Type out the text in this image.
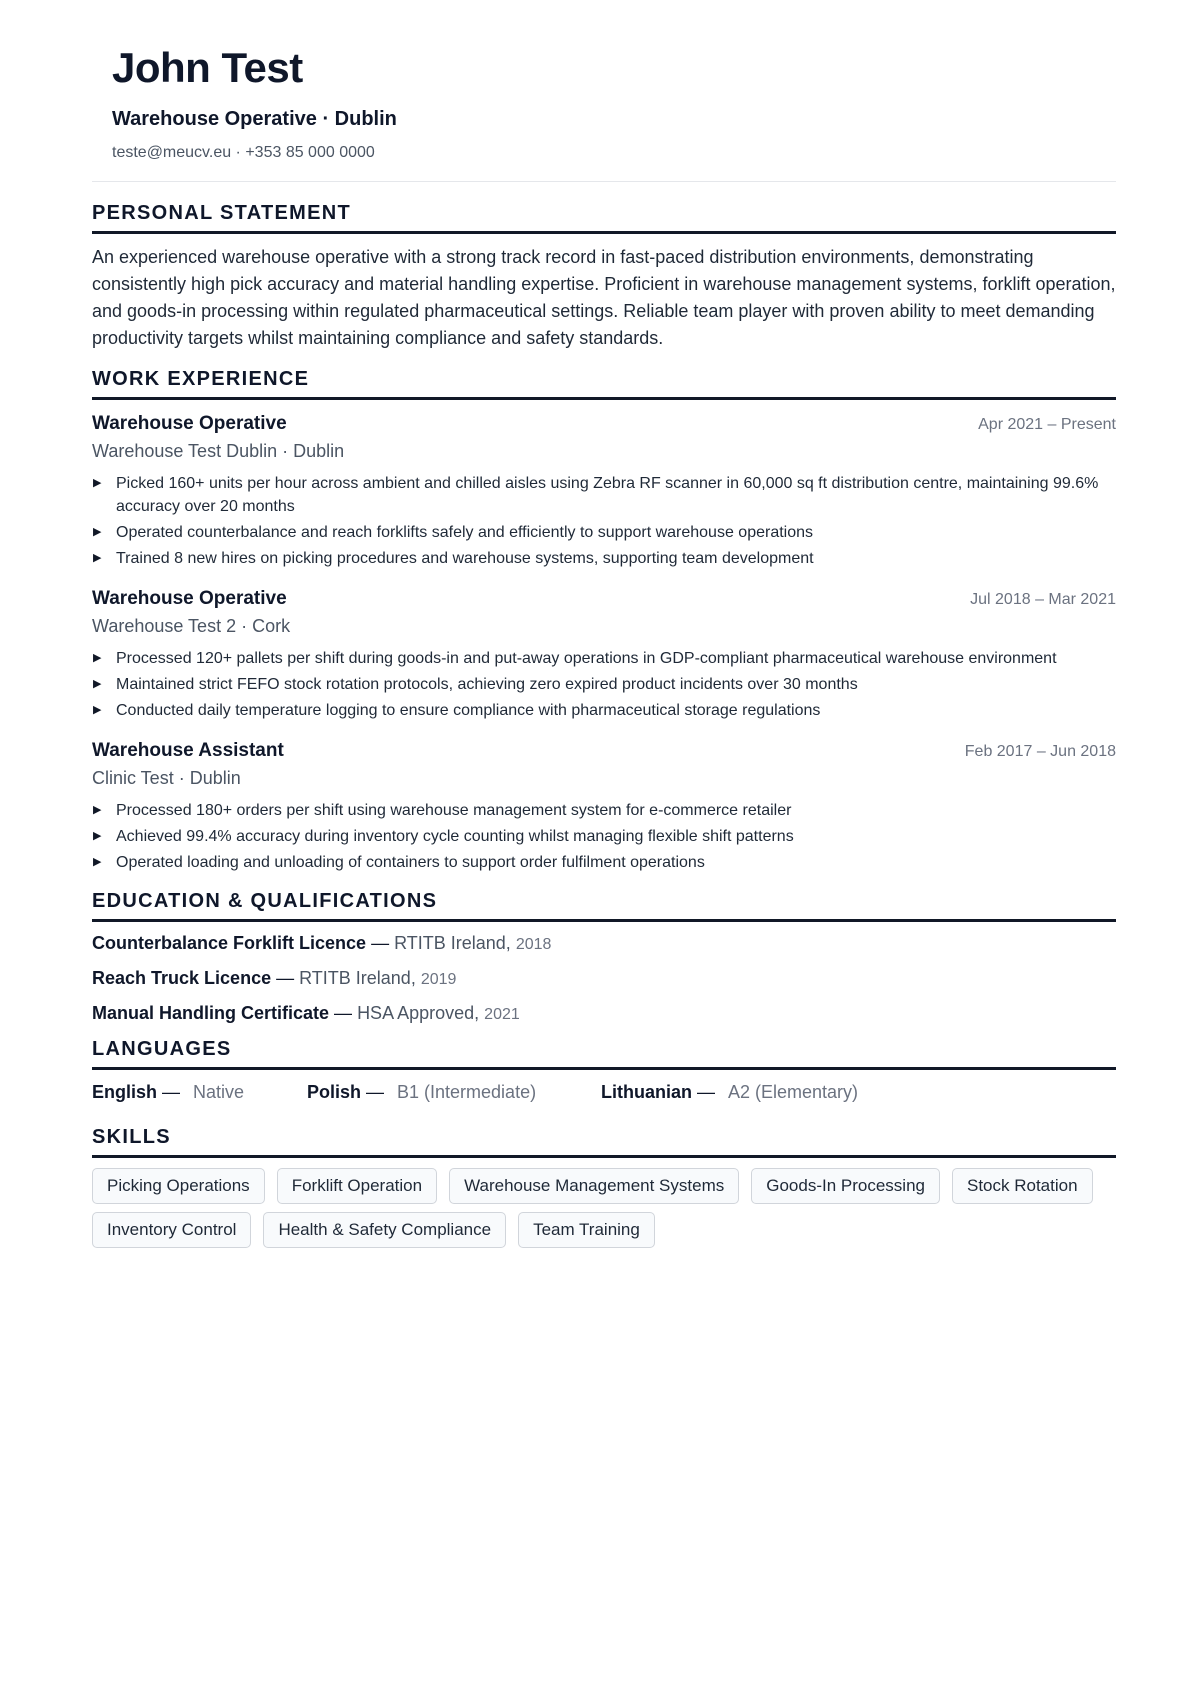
John Test
Warehouse Operative · Dublin
teste@meucv.eu · +353 85 000 0000
PERSONAL STATEMENT

An experienced warehouse operative with a strong track record in fast-paced distribution environments, demonstrating consistently high pick accuracy and material handling expertise. Proficient in warehouse management systems, forklift operation, and goods-in processing within regulated pharmaceutical settings. Reliable team player with proven ability to meet demanding productivity targets whilst maintaining compliance and safety standards.

WORK EXPERIENCE
Warehouse Operative	Apr 2021 – Present
Warehouse Test Dublin · Dublin
▶ Picked 160+ units per hour across ambient and chilled aisles using Zebra RF scanner in 60,000 sq ft distribution centre, maintaining 99.6% accuracy over 20 months
▶ Operated counterbalance and reach forklifts safely and efficiently to support warehouse operations
▶ Trained 8 new hires on picking procedures and warehouse systems, supporting team development
Warehouse Operative	Jul 2018 – Mar 2021
Warehouse Test 2 · Cork
▶ Processed 120+ pallets per shift during goods-in and put-away operations in GDP-compliant pharmaceutical warehouse environment
▶ Maintained strict FEFO stock rotation protocols, achieving zero expired product incidents over 30 months
▶ Conducted daily temperature logging to ensure compliance with pharmaceutical storage regulations
Warehouse Assistant	Feb 2017 – Jun 2018
Clinic Test · Dublin
▶ Processed 180+ orders per shift using warehouse management system for e-commerce retailer
▶ Achieved 99.4% accuracy during inventory cycle counting whilst managing flexible shift patterns
▶ Operated loading and unloading of containers to support order fulfilment operations
EDUCATION & QUALIFICATIONS
Counterbalance Forklift Licence — RTITB Ireland, 2018
Reach Truck Licence — RTITB Ireland, 2019
Manual Handling Certificate — HSA Approved, 2021
LANGUAGES
English — Native	Polish — B1 (Intermediate)	Lithuanian — A2 (Elementary)
SKILLS
Picking Operations	Forklift Operation	Warehouse Management Systems	Goods-In Processing	Stock Rotation
Inventory Control	Health & Safety Compliance	Team Training
